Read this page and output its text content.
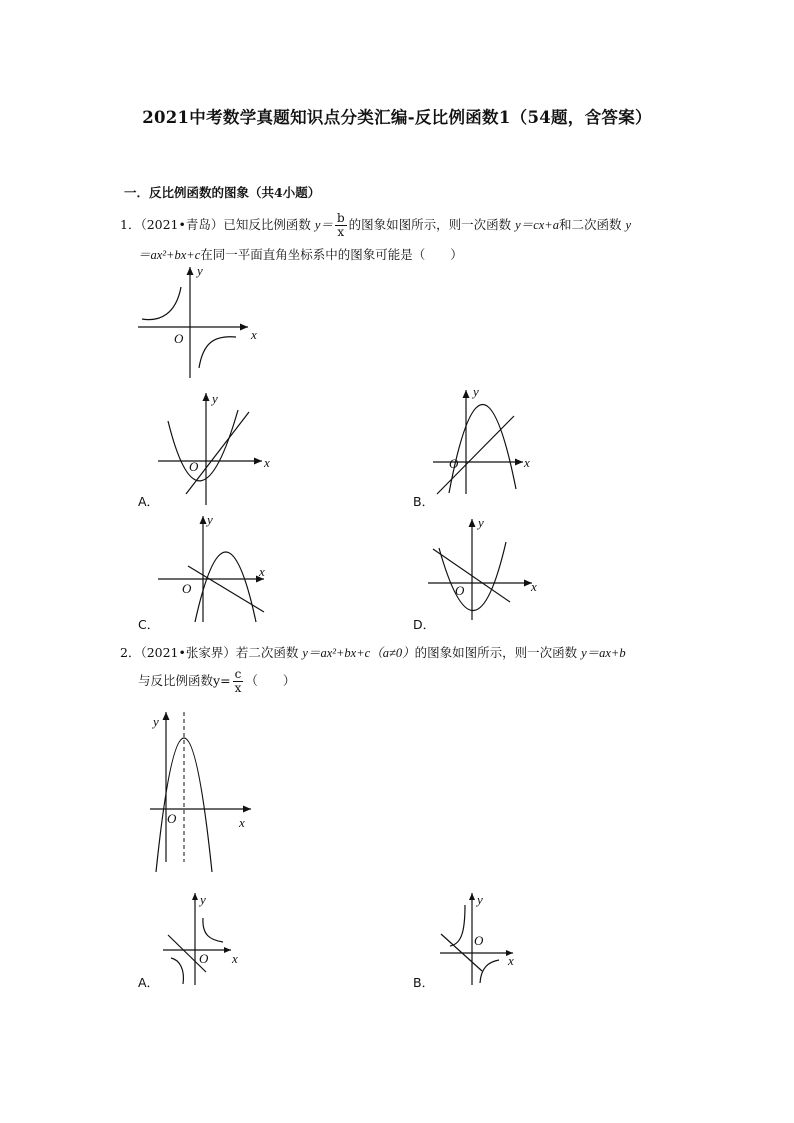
2021中考数学真题知识点分类汇编-反比例函数1（54题，含答案）
一．反比例函数的图象（共4小题）
1．（2021•青岛）已知反比例函数 $y= \frac{b}{x}$ 的图象如图所示，则一次函数 y＝cx+a和二次函数 y
＝ax²+bx+c在同一平面直角坐标系中的图象可能是（　　）
x
y
O
x
y
O	x
y
O
x
y
O	x
y
O
x
y
O
x
y
O	x
y
O
A．	B．
C．	D．
2．（2021•张家界）若二次函数 y＝ax²+bx+c（a≠0）的图象如图所示，则一次函数 y＝ax+b
与反比例函数$y= \frac{c}{x}$ （　　）
A．	B．
